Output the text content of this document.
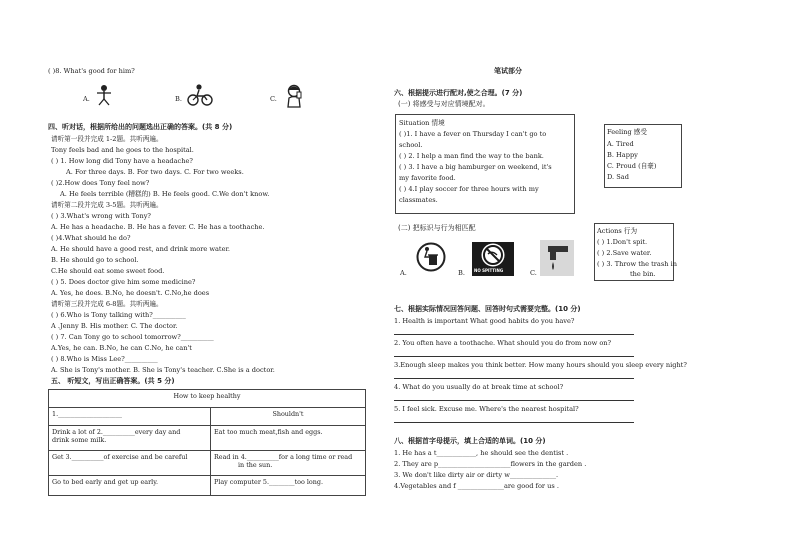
( )8. What's good for him?
A.	B.	C.
四、听对话，根据所给出的问题选出正确的答案。(共 8 分)
请听第一段并完成 1-2题。共听两遍。
Tony feels bad and he goes to the hospital.
( ) 1. How long did Tony have a headache?
A. For three days. B. For two days. C. For two weeks.
( )2.How does Tony feel now?
A. He feels terrible (糟糕的) B. He feels good. C.We don't know.
请听第二段并完成 3-5题。共听两遍。
( ) 3.What's wrong with Tony?
A. He has a headache. B. He has a fever. C. He has a toothache.
( )4.What should he do?
A. He should have a good rest, and drink more water.
B. He should go to school.
C.He should eat some sweet food.
( ) 5. Does doctor give him some medicine?
A. Yes, he does. B.No, he doesn't. C.No,he does
请听第三段并完成 6-8题。共听两遍。
( ) 6.Who is Tony talking with?__________
A .Jenny B. His mother. C. The doctor.
( ) 7. Can Tony go to school tomorrow?__________
A.Yes, he can. B.No, he can C.No, he can't
( ) 8.Who is Miss Lee?__________
A. She is Tony's mother. B. She is Tony's teacher. C.She is a doctor.
五、 听短文，写出正确答案。(共 5 分)
How to keep healthy	
1.____________________	Shouldn't
Drink a lot of 2.__________every day and
drink some milk.	Eat too much meat,fish and eggs.
Get 3.__________of exercise and be careful	Read in 4.__________for a long time or read
in the sun.
Go to bed early and get up early.	Play computer 5.________too long.
笔试部分
六、根据提示进行配对,使之合理。(7 分)
(一) 将感受与对应情境配对。
Situation 情境
( )1. I have a fever on Thursday I can't go to
school.
( ) 2. I help a man find the way to the bank.
( ) 3. I have a big hamburger on weekend, it's
my favorite food.
( ) 4.I play soccer for three hours with my
classmates.
Feeling 感受
A. Tired
B. Happy
C. Proud (自豪)
D. Sad
(二) 把标识与行为相匹配
A.	B. NO SPITTING	C.
Actions 行为
( ) 1.Don't spit.
( ) 2.Save water.
( ) 3. Throw the trash in
the bin.
七、根据实际情况回答问题、回答时句式需要完整。(10 分)
1. Health is important What good habits do you have?
2. You often have a toothache. What should you do from now on?
3.Enough sleep makes you think better. How many hours should you sleep every night?
4. What do you usually do at break time at school?
5. I feel sick. Excuse me. Where's the nearest hospital?
八、根据首字母提示，填上合适的单词。(10 分)
1. He has a t____________, he should see the dentist .
2. They are p______________________flowers in the garden .
3. We don't like dirty air or dirty w______________.
4.Vegetables and f ______________are good for us .
